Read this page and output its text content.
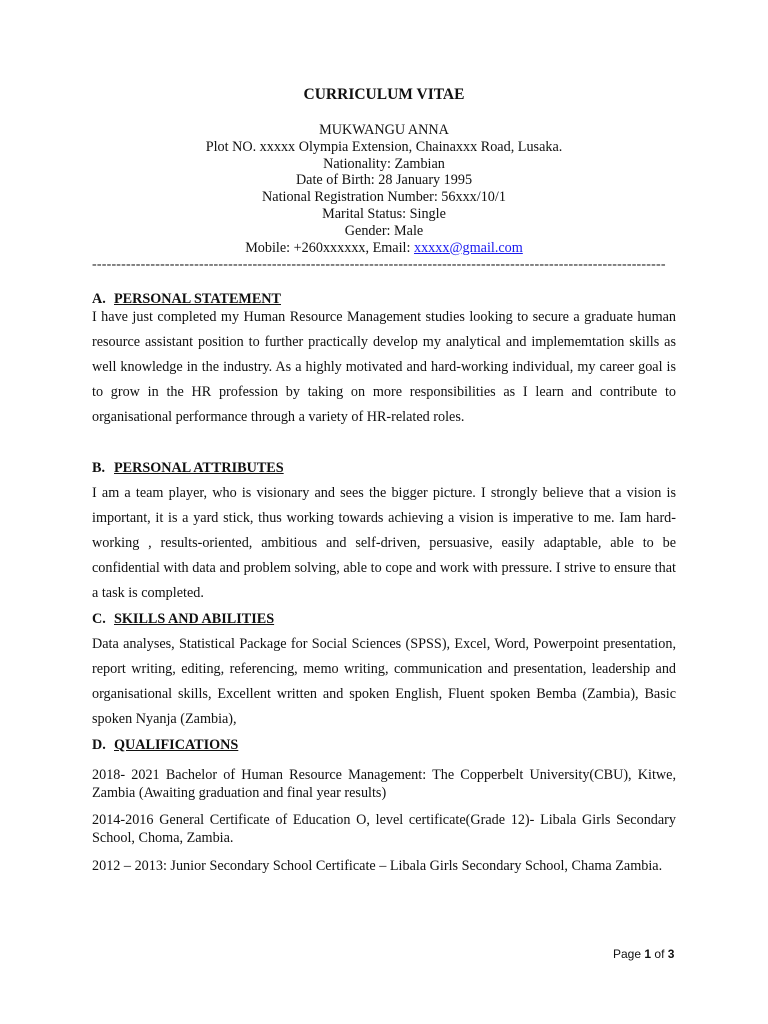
CURRICULUM VITAE
MUKWANGU ANNA
Plot NO. xxxxx Olympia Extension, Chainaxxx Road, Lusaka.
Nationality: Zambian
Date of Birth: 28 January 1995
National Registration Number: 56xxx/10/1
Marital Status: Single
Gender: Male
Mobile: +260xxxxxx, Email: xxxxx@gmail.com
----------------------------------------------------------------------------------------------------------------------
A. PERSONAL STATEMENT
I have just completed my Human Resource Management studies looking to secure a graduate human resource assistant position to further practically develop my analytical and implememtation skills as well knowledge in the industry. As a highly motivated and hard-working individual, my career goal is to grow in the HR profession by taking on more responsibilities as I learn and contribute to organisational performance through a variety of HR-related roles.
B. PERSONAL ATTRIBUTES
I am a team player, who is visionary and sees the bigger picture. I strongly believe that a vision is important, it is a yard stick, thus working towards achieving a vision is imperative to me. Iam hard-working , results-oriented, ambitious and self-driven, persuasive, easily adaptable, able to be confidential with data and problem solving, able to cope and work with pressure. I strive to ensure that a task is completed.
C. SKILLS AND ABILITIES
Data analyses, Statistical Package for Social Sciences (SPSS), Excel, Word, Powerpoint presentation, report writing, editing, referencing, memo writing, communication and presentation, leadership and organisational skills, Excellent written and spoken English, Fluent spoken Bemba (Zambia), Basic spoken Nyanja (Zambia),
D. QUALIFICATIONS
2018- 2021 Bachelor of Human Resource Management: The Copperbelt University(CBU), Kitwe, Zambia (Awaiting graduation and final year results)
2014-2016 General Certificate of Education O, level certificate(Grade 12)- Libala Girls Secondary School, Choma, Zambia.
2012 – 2013: Junior Secondary School Certificate – Libala Girls Secondary School, Chama Zambia.
Page 1 of 3
